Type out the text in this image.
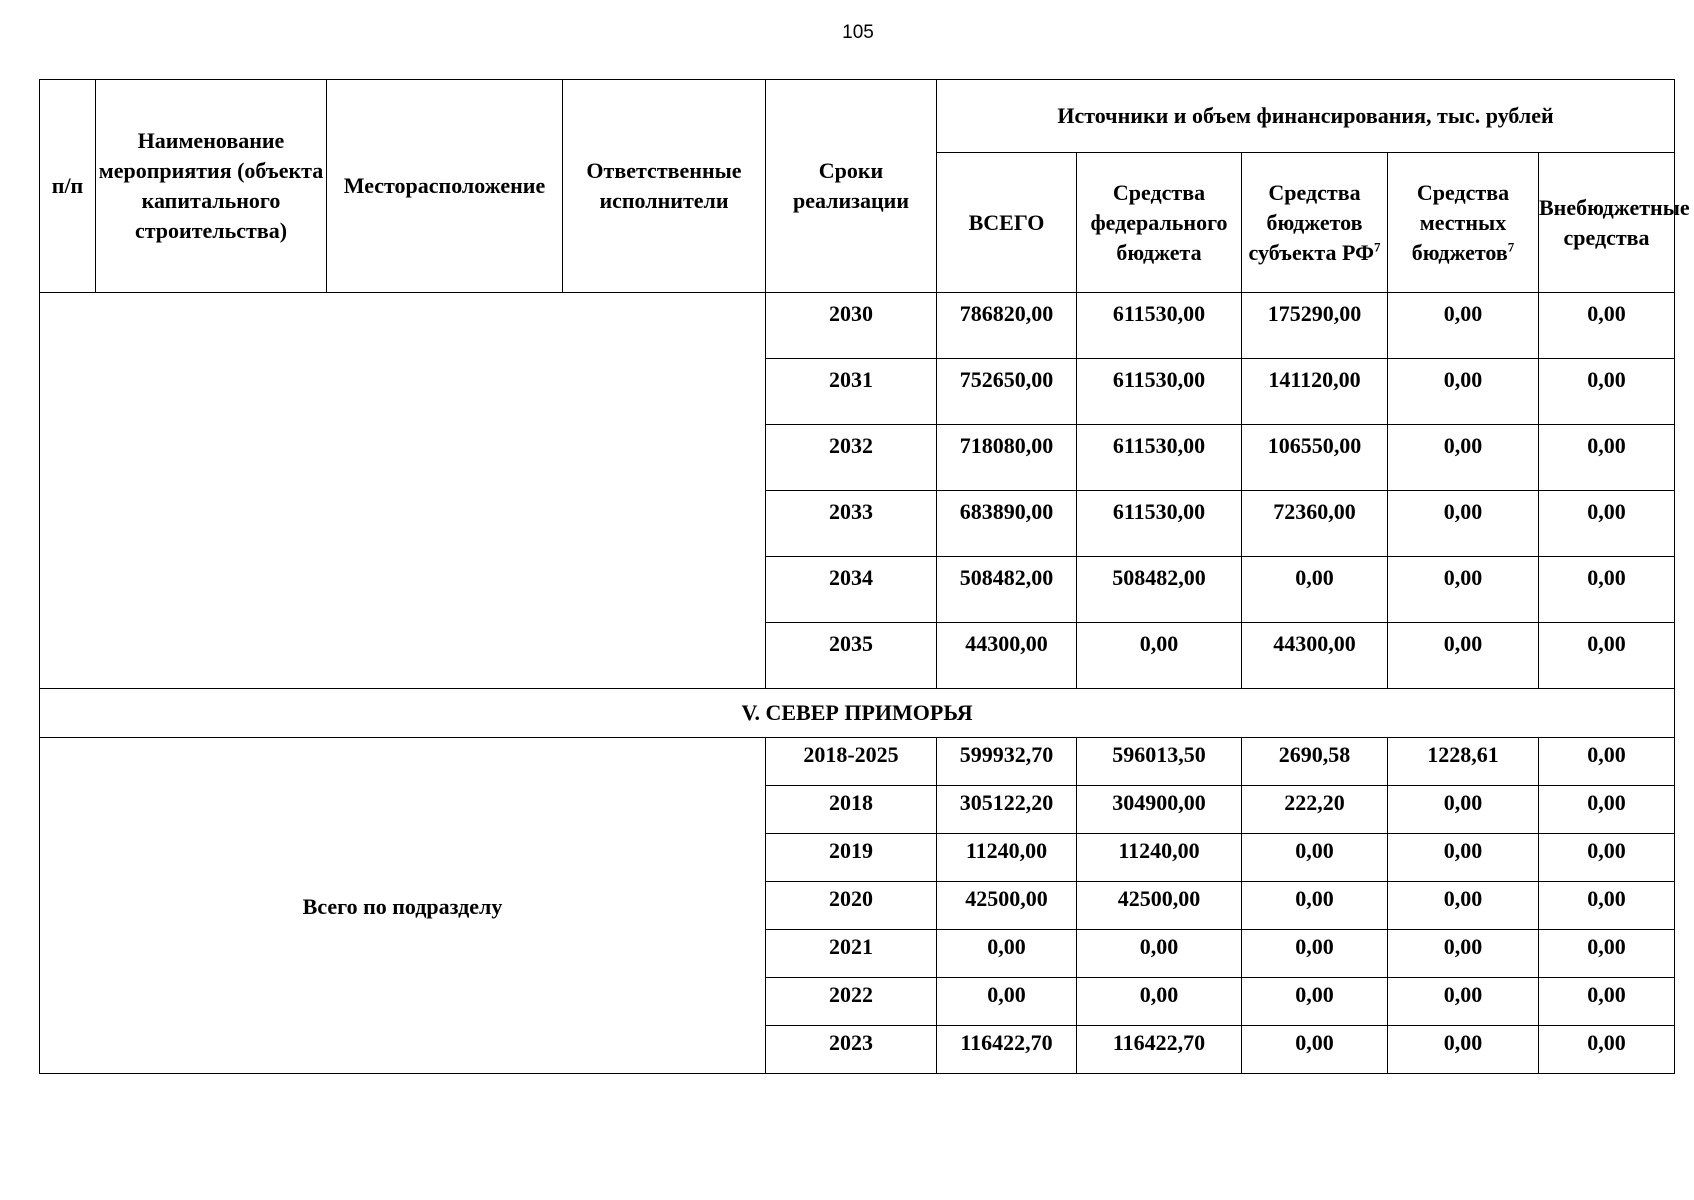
105
п/п	Наименование мероприятия (объекта капитального строительства)	Месторасположение	Ответственные исполнители	Сроки реализации	Источники и объем финансирования, тыс. рублей				
					ВСЕГО	Средства федерального бюджета	Средства бюджетов субъекта $РФ^7$	Средства местных бюджетов$^7$	Внебюджетные средства
				2030	786820,00	611530,00	175290,00	0,00	0,00
				2031	752650,00	611530,00	141120,00	0,00	0,00
				2032	718080,00	611530,00	106550,00	0,00	0,00
				2033	683890,00	611530,00	72360,00	0,00	0,00
				2034	508482,00	508482,00	0,00	0,00	0,00
				2035	44300,00	0,00	44300,00	0,00	0,00
V. СЕВЕР ПРИМОРЬЯ									
Всего по подразделу				2018-2025	599932,70	596013,50	2690,58	1228,61	0,00
				2018	305122,20	304900,00	222,20	0,00	0,00
				2019	11240,00	11240,00	0,00	0,00	0,00
				2020	42500,00	42500,00	0,00	0,00	0,00
				2021	0,00	0,00	0,00	0,00	0,00
				2022	0,00	0,00	0,00	0,00	0,00
				2023	116422,70	116422,70	0,00	0,00	0,00
